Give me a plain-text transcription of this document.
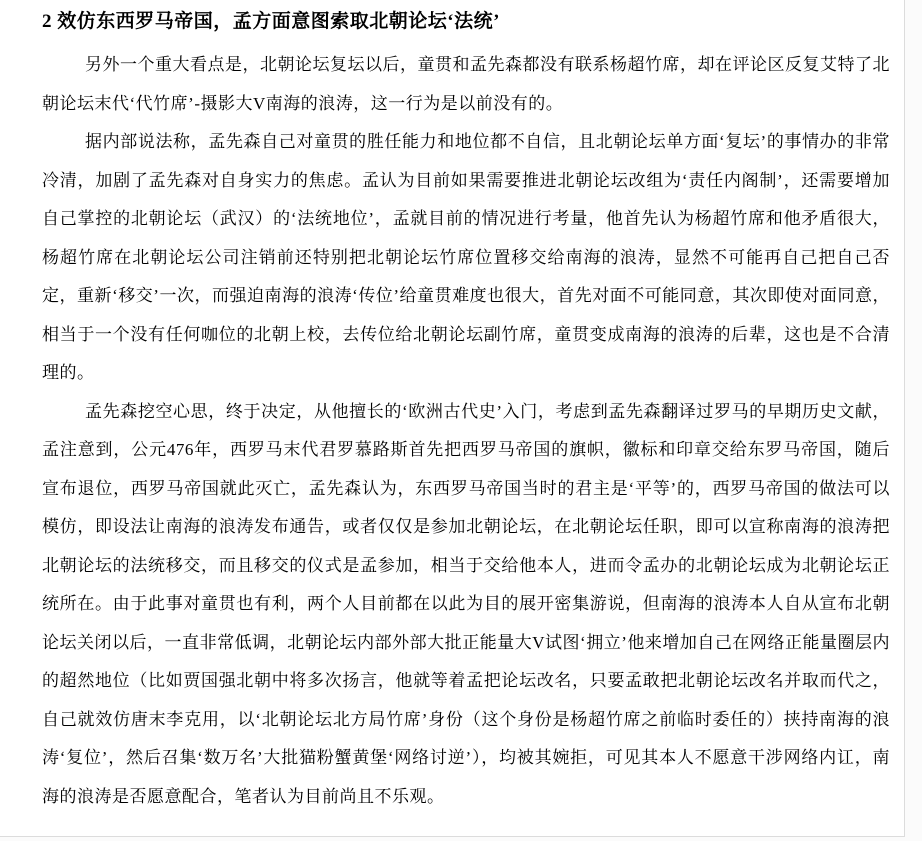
2 效仿东西罗马帝国，孟方面意图索取北朝论坛‘法统’

另外一个重大看点是，北朝论坛复坛以后，童贯和孟先森都没有联系杨超竹席，却在评论区反复艾特了北朝论坛末代‘代竹席’-摄影大V南海的浪涛，这一行为是以前没有的。

据内部说法称，孟先森自己对童贯的胜任能力和地位都不自信，且北朝论坛单方面‘复坛’的事情办的非常冷清，加剧了孟先森对自身实力的焦虑。孟认为目前如果需要推进北朝论坛改组为‘责任内阁制’，还需要增加自己掌控的北朝论坛（武汉）的‘法统地位’，孟就目前的情况进行考量，他首先认为杨超竹席和他矛盾很大，杨超竹席在北朝论坛公司注销前还特别把北朝论坛竹席位置移交给南海的浪涛，显然不可能再自己把自己否定，重新‘移交’一次，而强迫南海的浪涛‘传位’给童贯难度也很大，首先对面不可能同意，其次即使对面同意，相当于一个没有任何咖位的北朝上校，去传位给北朝论坛副竹席，童贯变成南海的浪涛的后辈，这也是不合清理的。

孟先森挖空心思，终于决定，从他擅长的‘欧洲古代史’入门，考虑到孟先森翻译过罗马的早期历史文献，孟注意到，公元476年，西罗马末代君罗慕路斯首先把西罗马帝国的旗帜，徽标和印章交给东罗马帝国，随后宣布退位，西罗马帝国就此灭亡，孟先森认为，东西罗马帝国当时的君主是‘平等’的，西罗马帝国的做法可以模仿，即设法让南海的浪涛发布通告，或者仅仅是参加北朝论坛，在北朝论坛任职，即可以宣称南海的浪涛把北朝论坛的法统移交，而且移交的仪式是孟参加，相当于交给他本人，进而令孟办的北朝论坛成为北朝论坛正统所在。由于此事对童贯也有利，两个人目前都在以此为目的展开密集游说，但南海的浪涛本人自从宣布北朝论坛关闭以后，一直非常低调，北朝论坛内部外部大批正能量大V试图‘拥立’他来增加自己在网络正能量圈层内的超然地位（比如贾国强北朝中将多次扬言，他就等着孟把论坛改名，只要孟敢把北朝论坛改名并取而代之，自己就效仿唐末李克用，以‘北朝论坛北方局竹席’身份（这个身份是杨超竹席之前临时委任的）挟持南海的浪涛‘复位’，然后召集‘数万名’大批猫粉蟹黄堡‘网络讨逆’），均被其婉拒，可见其本人不愿意干涉网络内讧，南海的浪涛是否愿意配合，笔者认为目前尚且不乐观。
